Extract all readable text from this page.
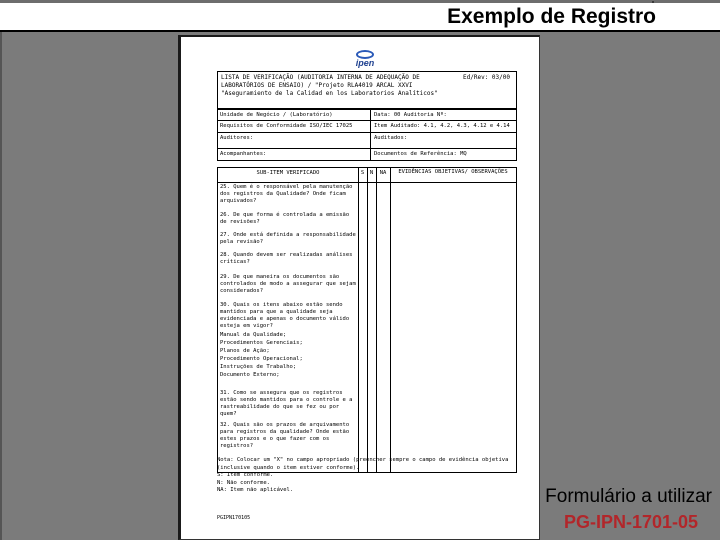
Exemplo de Registro
ipen
LISTA DE VERIFICAÇÃO (AUDITORIA INTERNA DE ADEQUAÇÃO DE
LABORATÓRIOS DE ENSAIO) / "Projeto RLA4019 ARCAL XXVI
"Aseguramiento de la Calidad en los Laboratorios Analíticos"
Ed/Rev: 03/00
Unidade de Negócio / (Laboratório)	Data: 00 Auditoria Nº:
Requisitos de Conformidade ISO/IEC 17025	Item Auditado: 4.1, 4.2, 4.3, 4.12 e 4.14
Auditores:	Auditados:
Acompanhantes:	Documentos de Referência: MQ
SUB-ITEM VERIFICADO	S	N	NA	EVIDÊNCIAS OBJETIVAS/ OBSERVAÇÕES
25. Quem é o responsável pela manutenção dos registros da Qualidade? Onde ficam arquivados?
26. De que forma é controlada a emissão de revisões?
27. Onde está definida a responsabilidade pela revisão?
28. Quando devem ser realizadas análises críticas?
29. De que maneira os documentos são controlados de modo a assegurar que sejam considerados?
30. Quais os itens abaixo estão sendo mantidos para que a qualidade seja evidenciada e apenas o documento válido esteja em vigor?
Manual da Qualidade;
Procedimentos Gerenciais;
Planos de Ação;
Procedimento Operacional;
Instruções de Trabalho;
Documento Externo;
31. Como se assegura que os registros estão sendo mantidos para o controle e a rastreabilidade do que se fez ou por quem?
32. Quais são os prazos de arquivamento para registros da qualidade? Onde estão estes prazos e o que fazer com os registros?
Nota: Colocar um "X" no campo apropriado (preencher sempre o campo de evidência objetiva (inclusive quando o item estiver conforme).
S: Item conforme.
N: Não conforme.
NA: Item não aplicável.
PGIPN170105
Formulário a utilizar
PG-IPN-1701-05
